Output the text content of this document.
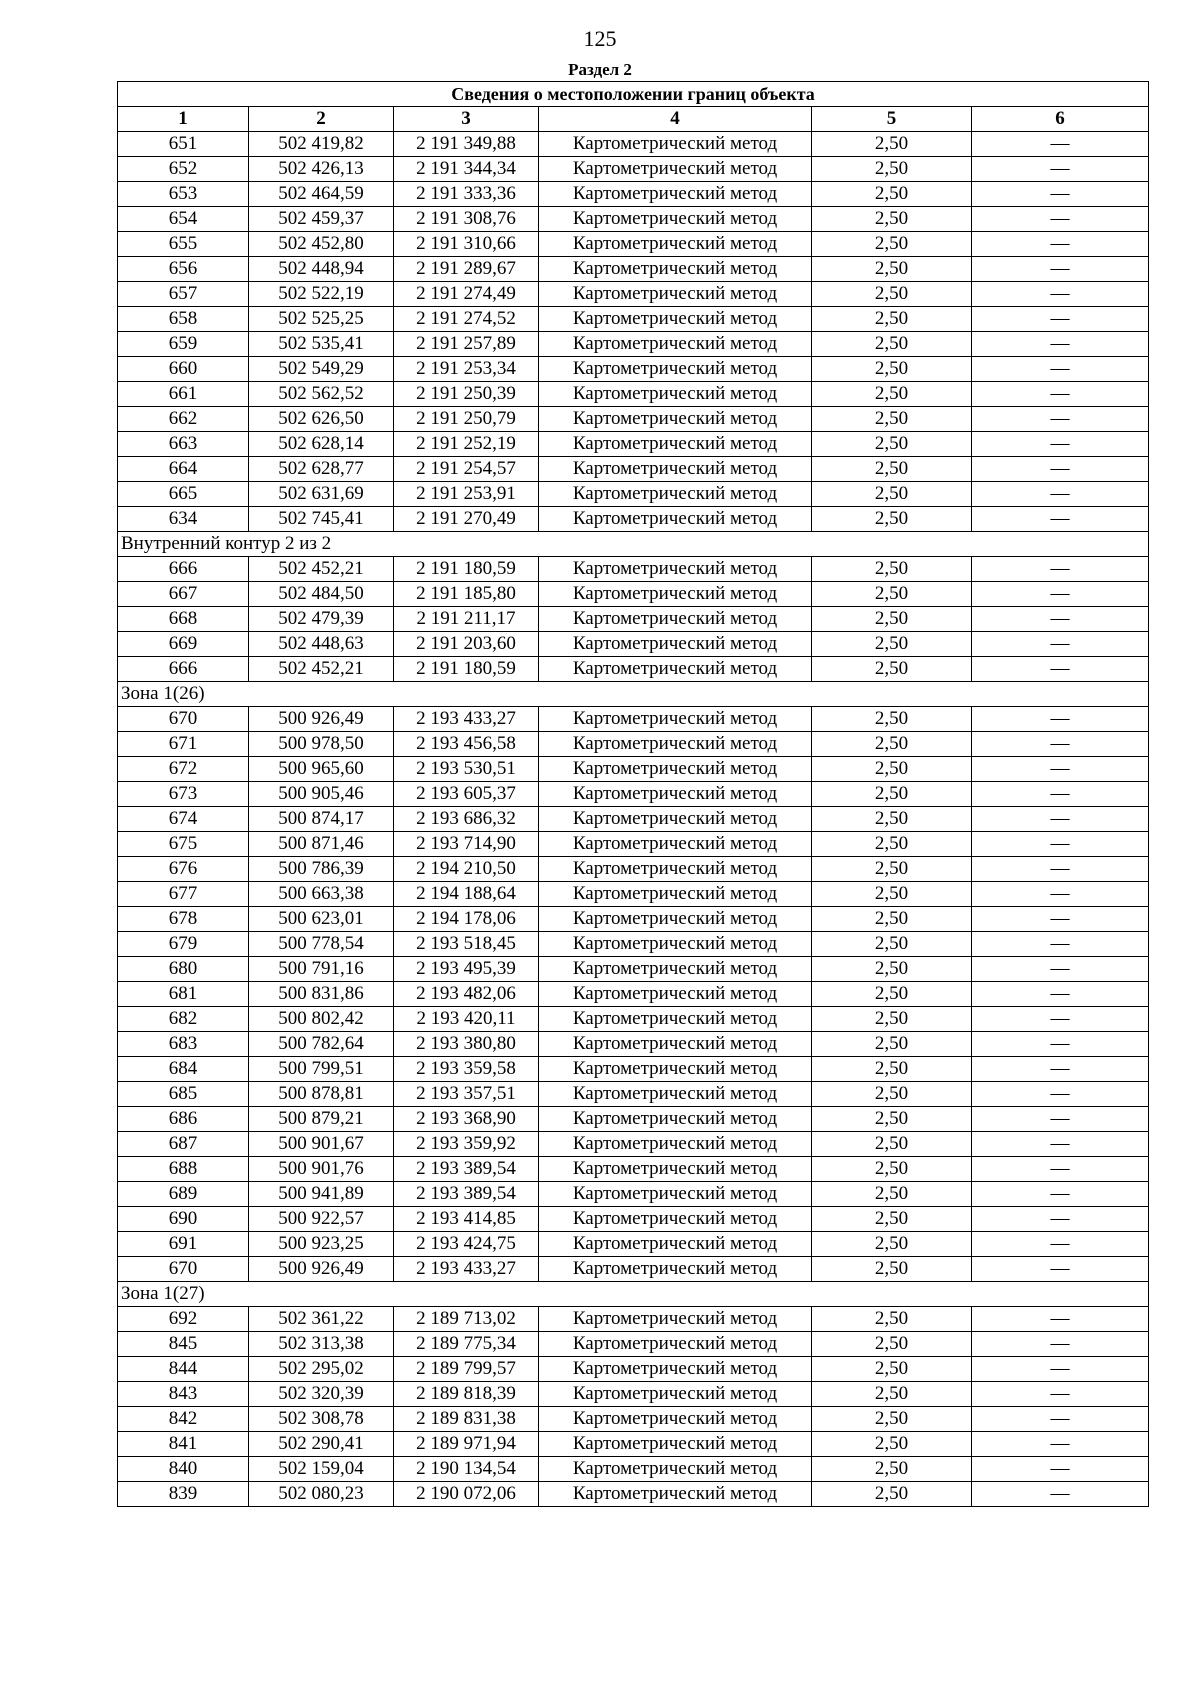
125
Раздел 2
Сведения о местоположении границ объекта					
1	2	3	4	5	6
651	502 419,82	2 191 349,88	Картометрический метод	2,50	—
652	502 426,13	2 191 344,34	Картометрический метод	2,50	—
653	502 464,59	2 191 333,36	Картометрический метод	2,50	—
654	502 459,37	2 191 308,76	Картометрический метод	2,50	—
655	502 452,80	2 191 310,66	Картометрический метод	2,50	—
656	502 448,94	2 191 289,67	Картометрический метод	2,50	—
657	502 522,19	2 191 274,49	Картометрический метод	2,50	—
658	502 525,25	2 191 274,52	Картометрический метод	2,50	—
659	502 535,41	2 191 257,89	Картометрический метод	2,50	—
660	502 549,29	2 191 253,34	Картометрический метод	2,50	—
661	502 562,52	2 191 250,39	Картометрический метод	2,50	—
662	502 626,50	2 191 250,79	Картометрический метод	2,50	—
663	502 628,14	2 191 252,19	Картометрический метод	2,50	—
664	502 628,77	2 191 254,57	Картометрический метод	2,50	—
665	502 631,69	2 191 253,91	Картометрический метод	2,50	—
634	502 745,41	2 191 270,49	Картометрический метод	2,50	—
Внутренний контур 2 из 2					
666	502 452,21	2 191 180,59	Картометрический метод	2,50	—
667	502 484,50	2 191 185,80	Картометрический метод	2,50	—
668	502 479,39	2 191 211,17	Картометрический метод	2,50	—
669	502 448,63	2 191 203,60	Картометрический метод	2,50	—
666	502 452,21	2 191 180,59	Картометрический метод	2,50	—
Зона 1(26)					
670	500 926,49	2 193 433,27	Картометрический метод	2,50	—
671	500 978,50	2 193 456,58	Картометрический метод	2,50	—
672	500 965,60	2 193 530,51	Картометрический метод	2,50	—
673	500 905,46	2 193 605,37	Картометрический метод	2,50	—
674	500 874,17	2 193 686,32	Картометрический метод	2,50	—
675	500 871,46	2 193 714,90	Картометрический метод	2,50	—
676	500 786,39	2 194 210,50	Картометрический метод	2,50	—
677	500 663,38	2 194 188,64	Картометрический метод	2,50	—
678	500 623,01	2 194 178,06	Картометрический метод	2,50	—
679	500 778,54	2 193 518,45	Картометрический метод	2,50	—
680	500 791,16	2 193 495,39	Картометрический метод	2,50	—
681	500 831,86	2 193 482,06	Картометрический метод	2,50	—
682	500 802,42	2 193 420,11	Картометрический метод	2,50	—
683	500 782,64	2 193 380,80	Картометрический метод	2,50	—
684	500 799,51	2 193 359,58	Картометрический метод	2,50	—
685	500 878,81	2 193 357,51	Картометрический метод	2,50	—
686	500 879,21	2 193 368,90	Картометрический метод	2,50	—
687	500 901,67	2 193 359,92	Картометрический метод	2,50	—
688	500 901,76	2 193 389,54	Картометрический метод	2,50	—
689	500 941,89	2 193 389,54	Картометрический метод	2,50	—
690	500 922,57	2 193 414,85	Картометрический метод	2,50	—
691	500 923,25	2 193 424,75	Картометрический метод	2,50	—
670	500 926,49	2 193 433,27	Картометрический метод	2,50	—
Зона 1(27)					
692	502 361,22	2 189 713,02	Картометрический метод	2,50	—
845	502 313,38	2 189 775,34	Картометрический метод	2,50	—
844	502 295,02	2 189 799,57	Картометрический метод	2,50	—
843	502 320,39	2 189 818,39	Картометрический метод	2,50	—
842	502 308,78	2 189 831,38	Картометрический метод	2,50	—
841	502 290,41	2 189 971,94	Картометрический метод	2,50	—
840	502 159,04	2 190 134,54	Картометрический метод	2,50	—
839	502 080,23	2 190 072,06	Картометрический метод	2,50	—
